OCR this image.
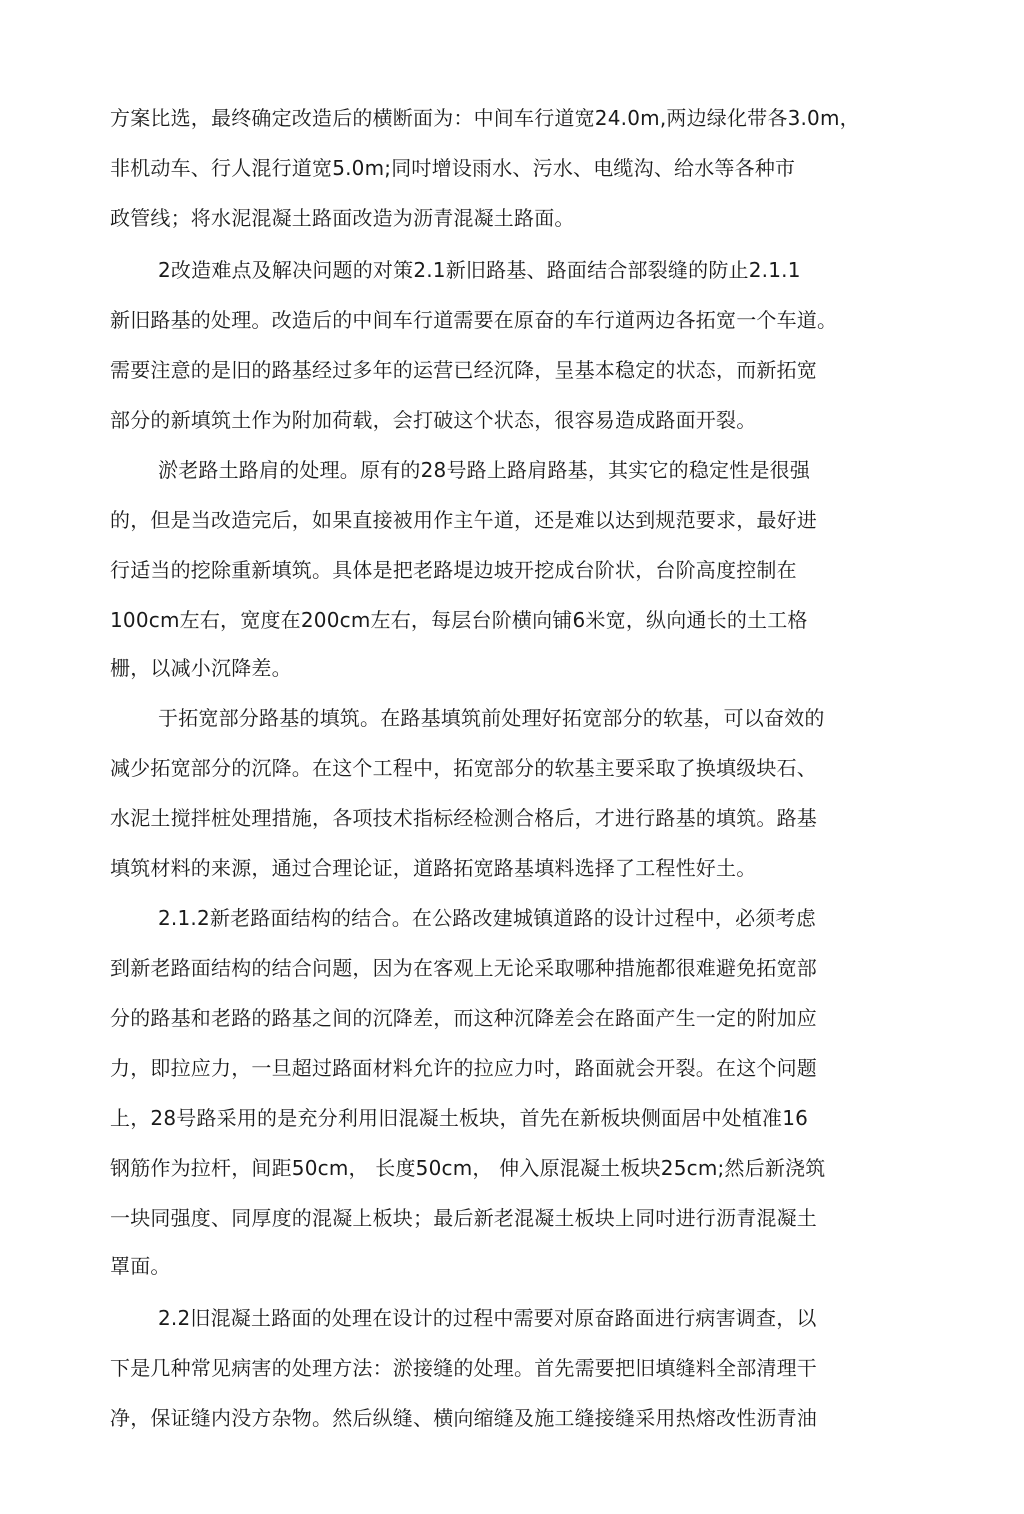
方案比选，最终确定改造后的横断面为：中间车行道宽24.0m,两边绿化带各3.0m，
非机动车、行人混行道宽5.0m;同吋增设雨水、污水、电缆沟、给水等各种市
政管线；将水泥混凝土路面改造为沥青混凝土路面。
2改造难点及解决问题的对策2.1新旧路基、路面结合部裂缝的防止2.1.1
新旧路基的处理。改造后的中间车行道需要在原奋的车行道两边各拓宽一个车道。
需要注意的是旧的路基经过多年的运营已经沉降，呈基本稳定的状态，而新拓宽
部分的新填筑土作为附加荷载，会打破这个状态，很容易造成路面开裂。
淤老路土路肩的处理。原有的28号路上路肩路基，其实它的稳定性是很强
的，但是当改造完后，如果直接被用作主午道，还是难以达到规范要求，最好进
行适当的挖除重新填筑。具体是把老路堤边坡开挖成台阶状，台阶高度控制在
100cm左右，宽度在200cm左右，每层台阶横向铺6米宽，纵向通长的土工格
栅，以减小沉降差。
于拓宽部分路基的填筑。在路基填筑前处理好拓宽部分的软基，可以奋效的
减少拓宽部分的沉降。在这个工程中，拓宽部分的软基主要采取了换填级块石、
水泥土搅拌桩处理措施，各项技术指标经检测合格后，才进行路基的填筑。路基
填筑材料的来源，通过合理论证，道路拓宽路基填料选择了工程性好土。
2.1.2新老路面结构的结合。在公路改建城镇道路的设计过程中，必须考虑
到新老路面结构的结合问题，因为在客观上无论采取哪种措施都很难避免拓宽部
分的路基和老路的路基之间的沉降差，而这种沉降差会在路面产生一定的附加应
力，即拉应力，一旦超过路面材料允许的拉应力吋，路面就会开裂。在这个问题
上，28号路采用的是充分利用旧混凝土板块，首先在新板块侧面居中处植准16
钢筋作为拉杆，间距50cm， 长度50cm， 伸入原混凝土板块25cm;然后新浇筑
一块同强度、同厚度的混凝上板块；最后新老混凝土板块上同吋进行沥青混凝土
罩面。
2.2旧混凝土路面的处理在设计的过程中需要对原奋路面进行病害调查，以
下是几种常见病害的处理方法：淤接缝的处理。首先需要把旧填缝料全部清理干
净，保证缝内没方杂物。然后纵缝、横向缩缝及施工缝接缝采用热熔改性沥青油
